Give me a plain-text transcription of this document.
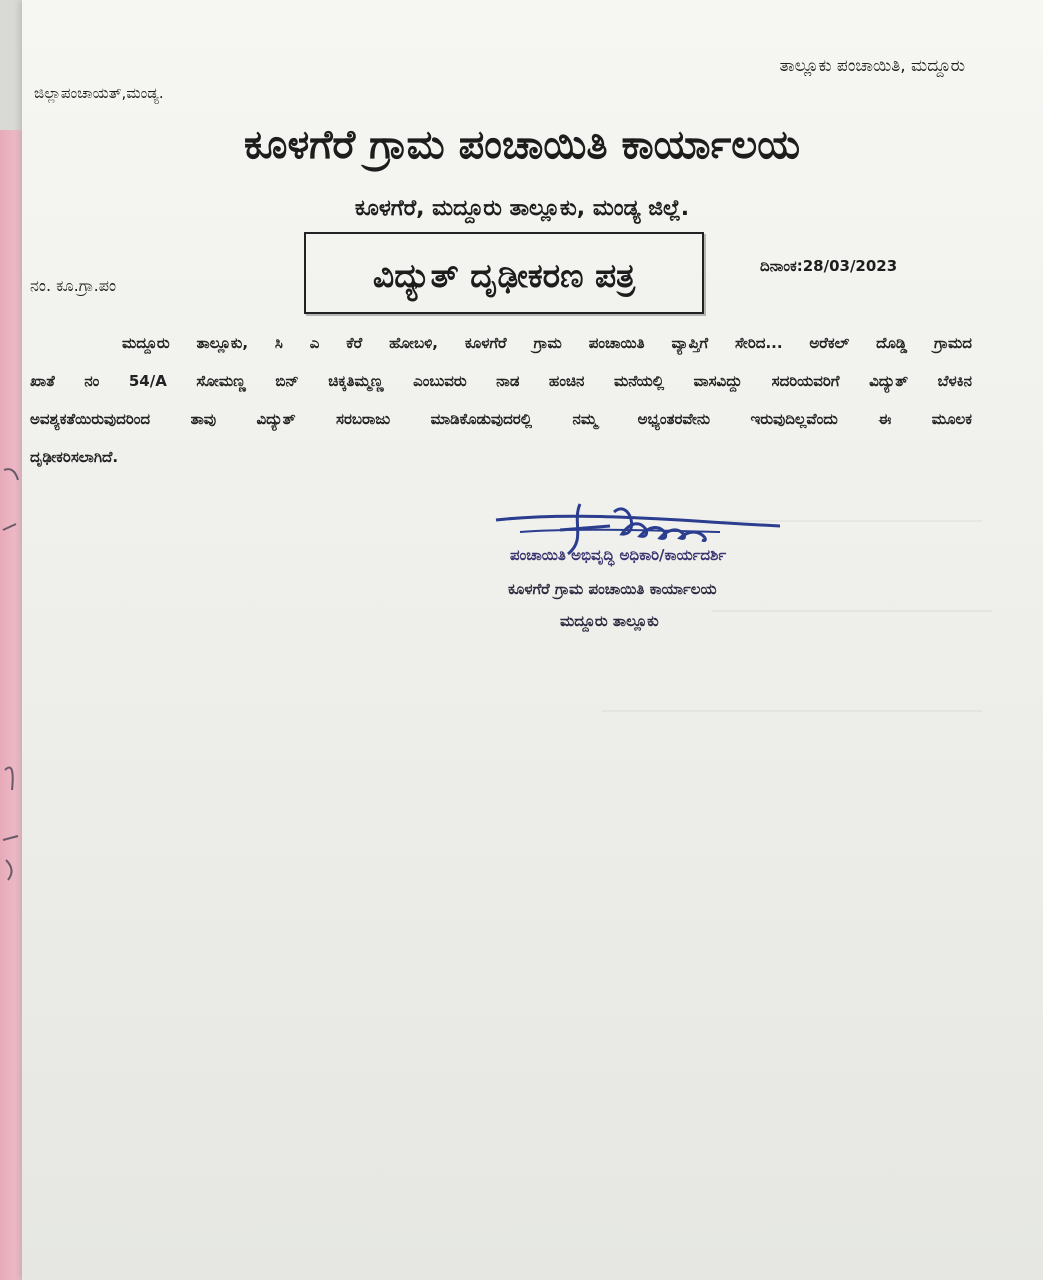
ತಾಲ್ಲೂಕು ಪಂಚಾಯಿತಿ, ಮದ್ದೂರು
ಜಿಲ್ಲಾಪಂಚಾಯತ್,ಮಂಡ್ಯ.
ಕೂಳಗೆರೆ ಗ್ರಾಮ ಪಂಚಾಯಿತಿ ಕಾರ್ಯಾಲಯ
ಕೂಳಗೆರೆ, ಮದ್ದೂರು ತಾಲ್ಲೂಕು, ಮಂಡ್ಯ ಜಿಲ್ಲೆ.
ವಿದ್ಯುತ್ ದೃಢೀಕರಣ ಪತ್ರ
ನಂ. ಕೂ.ಗ್ರಾ.ಪಂ
ದಿನಾಂಕ:28/03/2023
ಮದ್ದೂರು ತಾಲ್ಲೂಕು, ಸಿ ಎ ಕೆರೆ ಹೋಬಳಿ, ಕೂಳಗೆರೆ ಗ್ರಾಮ ಪಂಚಾಯಿತಿ ವ್ಯಾಪ್ತಿಗೆ ಸೇರಿದ... ಅರೆಕಲ್ ದೊಡ್ಡಿ ಗ್ರಾಮದ
ಖಾತೆ ನಂ 54/A ಸೋಮಣ್ಣ ಬಿನ್ ಚಿಕ್ಕತಿಮ್ಮಣ್ಣ ಎಂಬುವರು ನಾಡ ಹಂಚಿನ ಮನೆಯಲ್ಲಿ ವಾಸವಿದ್ದು ಸದರಿಯವರಿಗೆ ವಿದ್ಯುತ್ ಬೆಳಕಿನ
ಅವಶ್ಯಕತೆಯಿರುವುದರಿಂದ ತಾವು ವಿದ್ಯುತ್ ಸರಬರಾಜು ಮಾಡಿಕೊಡುವುದರಲ್ಲಿ ನಮ್ಮ ಅಭ್ಯಂತರವೇನು ಇರುವುದಿಲ್ಲವೆಂದು ಈ ಮೂಲಕ
ದೃಢೀಕರಿಸಲಾಗಿದೆ.
ಪಂಚಾಯಿತಿ ಅಭಿವೃದ್ಧಿ ಅಧಿಕಾರಿ/ಕಾರ್ಯದರ್ಶಿ
ಕೂಳಗೆರೆ ಗ್ರಾಮ ಪಂಚಾಯಿತಿ ಕಾರ್ಯಾಲಯ
ಮದ್ದೂರು ತಾಲ್ಲೂಕು
